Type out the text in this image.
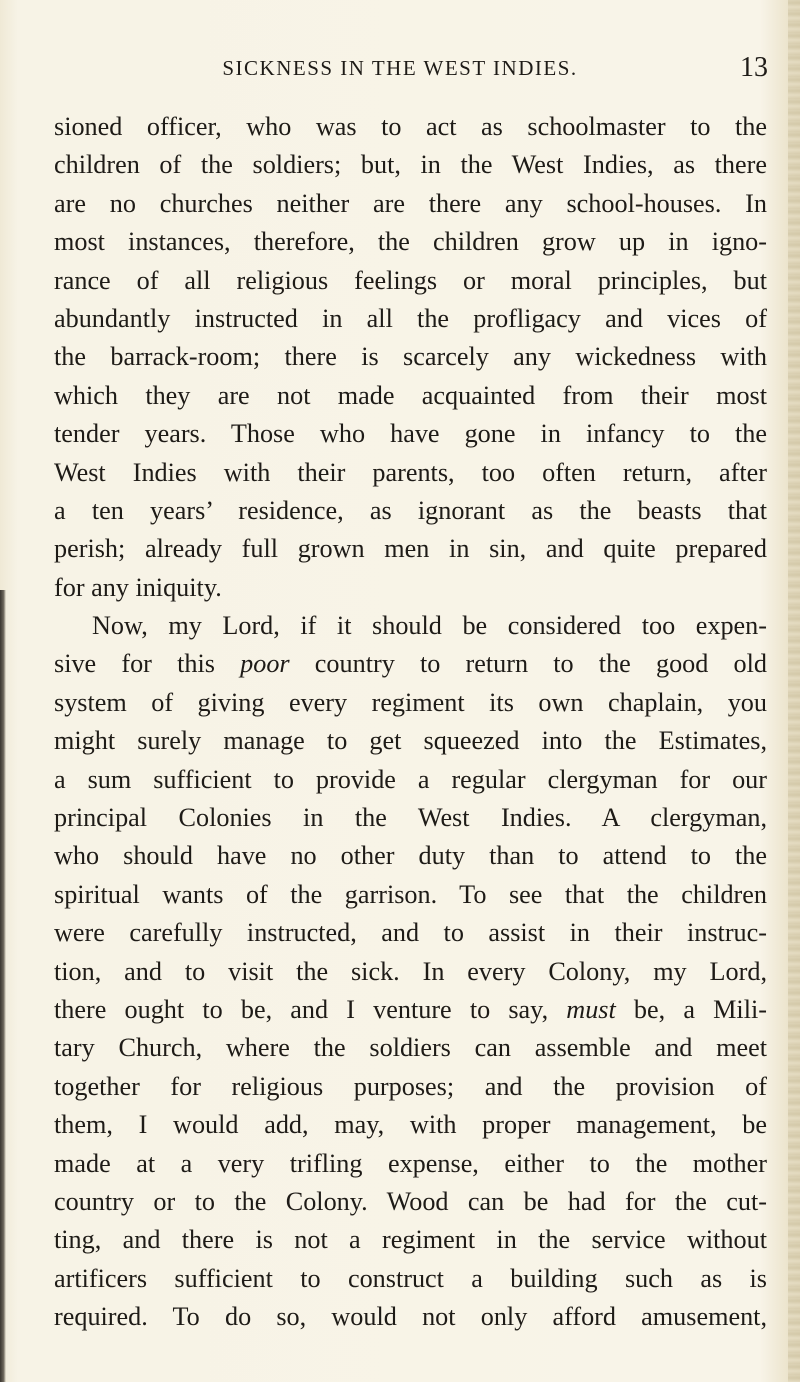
SICKNESS IN THE WEST INDIES.	13
sioned officer, who was to act as schoolmaster to the
children of the soldiers; but, in the West Indies, as there
are no churches neither are there any school-houses. In
most instances, therefore, the children grow up in igno-
rance of all religious feelings or moral principles, but
abundantly instructed in all the profligacy and vices of
the barrack-room; there is scarcely any wickedness with
which they are not made acquainted from their most
tender years. Those who have gone in infancy to the
West Indies with their parents, too often return, after
a ten years’ residence, as ignorant as the beasts that
perish; already full grown men in sin, and quite prepared
for any iniquity.
Now, my Lord, if it should be considered too expen-
sive for this poor country to return to the good old
system of giving every regiment its own chaplain, you
might surely manage to get squeezed into the Estimates,
a sum sufficient to provide a regular clergyman for our
principal Colonies in the West Indies. A clergyman,
who should have no other duty than to attend to the
spiritual wants of the garrison. To see that the children
were carefully instructed, and to assist in their instruc-
tion, and to visit the sick. In every Colony, my Lord,
there ought to be, and I venture to say, must be, a Mili-
tary Church, where the soldiers can assemble and meet
together for religious purposes; and the provision of
them, I would add, may, with proper management, be
made at a very trifling expense, either to the mother
country or to the Colony. Wood can be had for the cut-
ting, and there is not a regiment in the service without
artificers sufficient to construct a building such as is
required. To do so, would not only afford amusement,
